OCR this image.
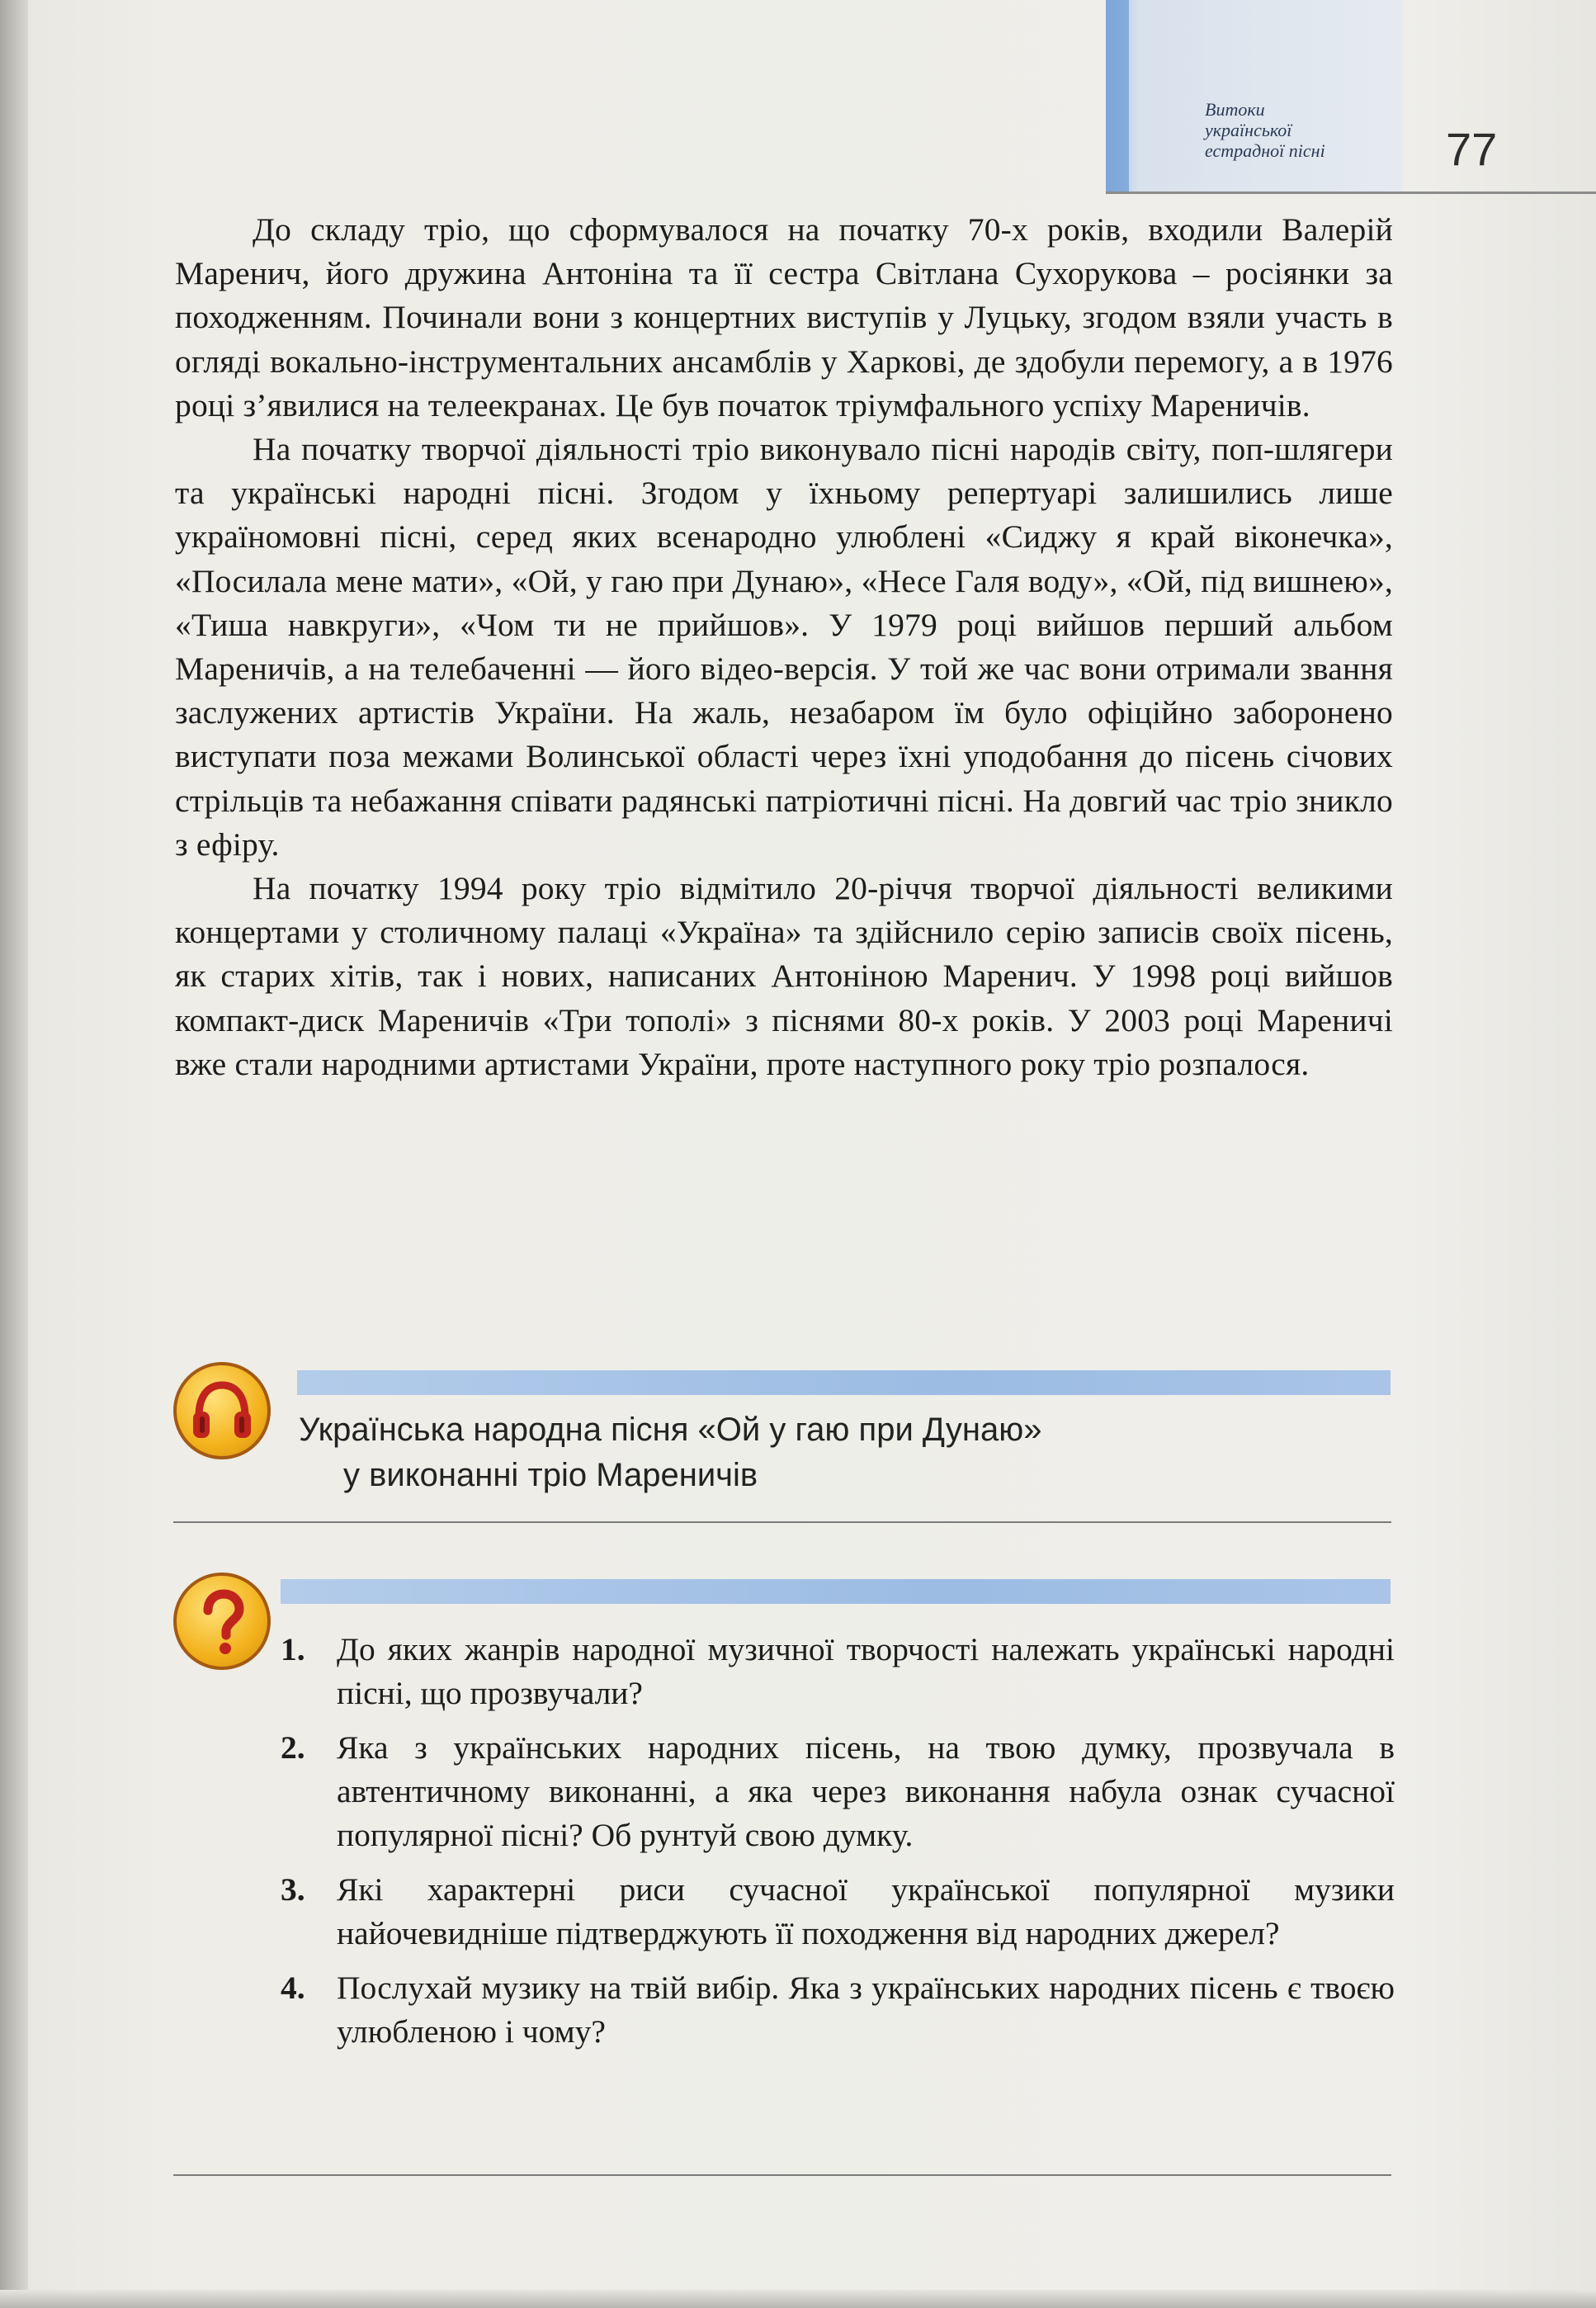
Витоки
української
естрадної пісні	77

До складу тріо, що сформувалося на початку 70-х років, входили Валерій Маренич, його дружина Антоніна та її сестра Світлана Сухорукова – росіянки за походженням. Починали вони з концертних виступів у Луцьку, згодом взяли участь в огляді вокально-інструментальних ансамблів у Харкові, де здобули перемогу, а в 1976 році з’явилися на телеекранах. Це був початок тріумфального успіху Мареничів.

На початку творчої діяльності тріо виконувало пісні народів світу, поп-шлягери та українські народні пісні. Згодом у їхньому репертуарі залишились лише україномовні пісні, серед яких всенародно улюблені «Сиджу я край віконечка», «Посилала мене мати», «Ой, у гаю при Дунаю», «Несе Галя воду», «Ой, під вишнею», «Тиша навкруги», «Чом ти не прийшов». У 1979 році вийшов перший альбом Мареничів, а на телебаченні — його відео-версія. У той же час вони отримали звання заслужених артистів України. На жаль, незабаром їм було офіційно заборонено виступати поза межами Волинської області через їхні уподобання до пісень січових стрільців та небажання співати радянські патріотичні пісні. На довгий час тріо зникло з ефіру.

На початку 1994 року тріо відмітило 20-річчя творчої діяльності великими концертами у столичному палаці «Україна» та здійснило серію записів своїх пісень, як старих хітів, так і нових, написаних Антоніною Маренич. У 1998 році вийшов компакт-диск Мареничів «Три тополі» з піснями 80-х років. У 2003 році Мареничі вже стали народними артистами України, проте наступного року тріо розпалося.

Українська народна пісня «Ой у гаю при Дунаю»
у виконанні тріо Мареничів
1. До яких жанрів народної музичної творчості належать українські народні пісні, що прозвучали?
2. Яка з українських народних пісень, на твою думку, прозвучала в автентичному виконанні, а яка через виконання набула ознак сучасної популярної пісні? Об рунтуй свою думку.
3. Які характерні риси сучасної української популярної музики найочевидніше підтверджують її походження від народних джерел?
4. Послухай музику на твій вибір. Яка з українських народних пісень є твоєю улюбленою і чому?
